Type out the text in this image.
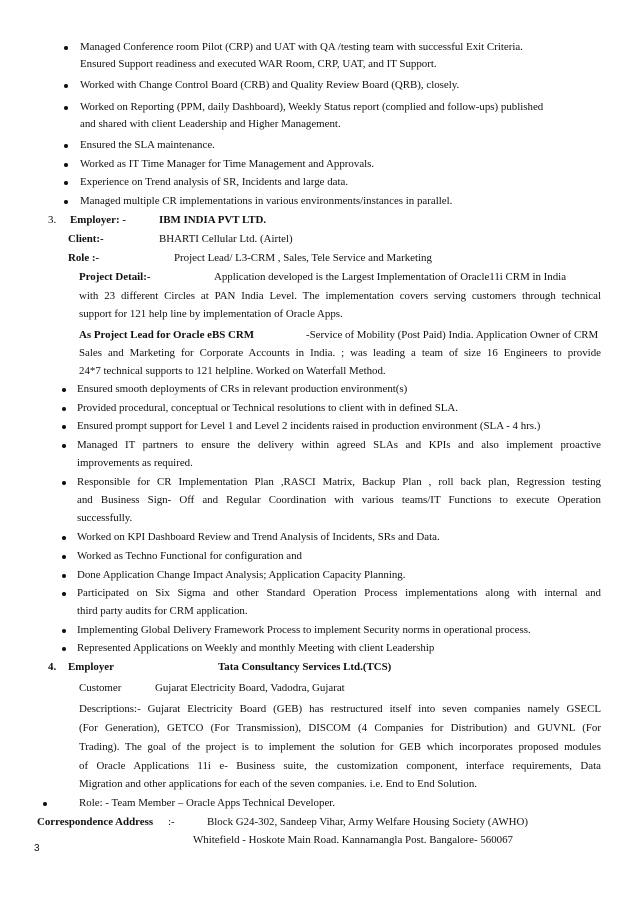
Managed Conference room Pilot (CRP) and UAT with QA /testing team with successful Exit Criteria.
Ensured Support readiness and executed WAR Room, CRP, UAT, and IT Support.
Worked with Change Control Board (CRB) and Quality Review Board (QRB), closely.
Worked on Reporting (PPM, daily Dashboard), Weekly Status report (complied and follow-ups) published
and shared with client Leadership and Higher Management.
Ensured the SLA maintenance.
Worked as IT Time Manager for Time Management and Approvals.
Experience on Trend analysis of SR, Incidents and large data.
Managed multiple CR implementations in various environments/instances in parallel.
3. Employer: -	IBM INDIA PVT LTD.
Client:-	BHARTI Cellular Ltd. (Airtel)
Role :-	Project Lead/ L3-CRM , Sales, Tele Service and Marketing
Project Detail:-	Application developed is the Largest Implementation of Oracle11i CRM in India
with 23 different Circles at PAN India Level. The implementation covers serving customers through technical
support for 121 help line by implementation of Oracle Apps.
As Project Lead for Oracle eBS CRM	-Service of Mobility (Post Paid) India. Application Owner of CRM
Sales and Marketing for Corporate Accounts in India. ; was leading a team of size 16 Engineers to provide
24*7 technical supports to 121 helpline. Worked on Waterfall Method.
Ensured smooth deployments of CRs in relevant production environment(s)
Provided procedural, conceptual or Technical resolutions to client with in defined SLA.
Ensured prompt support for Level 1 and Level 2 incidents raised in production environment (SLA - 4 hrs.)
Managed IT partners to ensure the delivery within agreed SLAs and KPIs and also implement proactive
improvements as required.
Responsible for CR Implementation Plan ,RASCI Matrix, Backup Plan , roll back plan, Regression testing
and Business Sign- Off and Regular Coordination with various teams/IT Functions to execute Operation
successfully.
Worked on KPI Dashboard Review and Trend Analysis of Incidents, SRs and Data.
Worked as Techno Functional for configuration and
Done Application Change Impact Analysis; Application Capacity Planning.
Participated on Six Sigma and other Standard Operation Process implementations along with internal and
third party audits for CRM application.
Implementing Global Delivery Framework Process to implement Security norms in operational process.
Represented Applications on Weekly and monthly Meeting with client Leadership
4. Employer	Tata Consultancy Services Ltd.(TCS)
Customer	Gujarat Electricity Board, Vadodra, Gujarat
Descriptions:- Gujarat Electricity Board (GEB) has restructured itself into seven companies namely GSECL
(For Generation), GETCO (For Transmission), DISCOM (4 Companies for Distribution) and GUVNL (For
Trading). The goal of the project is to implement the solution for GEB which incorporates proposed modules
of Oracle Applications 11i e- Business suite, the customization component, interface requirements, Data
Migration and other applications for each of the seven companies. i.e. End to End Solution.
Role: - Team Member – Oracle Apps Technical Developer.
Correspondence Address :-	Block G24-302, Sandeep Vihar, Army Welfare Housing Society (AWHO)
Whitefield - Hoskote Main Road. Kannamangla Post. Bangalore- 560067
3
